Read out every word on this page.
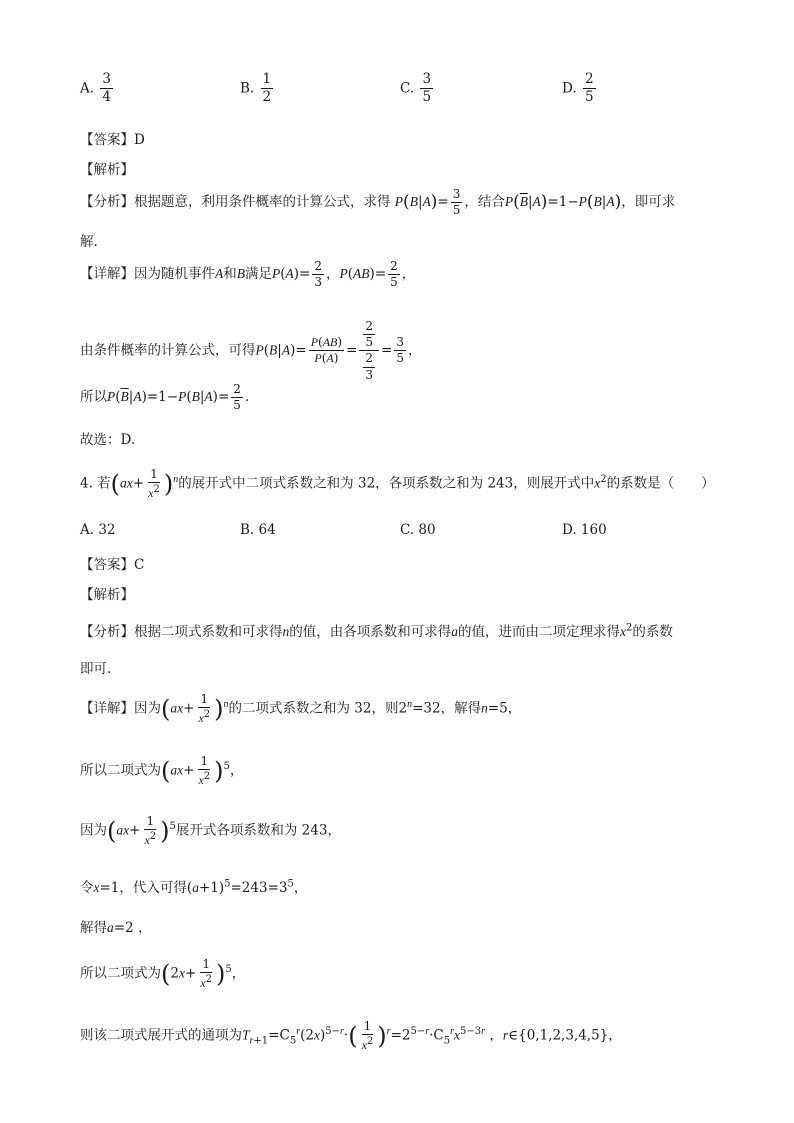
A. $\frac{3}{4}$	B. $\frac{1}{2}$	C. $\frac{3}{5}$	D. $\frac{2}{5}$
【答案】D
【解析】
【分析】根据题意，利用条件概率的计算公式，求得 $P(B|A)= \frac{3}{5}$ ，结合$P(\overline{B}|A)=1-P(B|A)$，即可求
解.
【详解】因为随机事件A和B满足$P(A)= \frac{2}{3}$ ，$P(AB)= \frac{2}{5}$ ，
由条件概率的计算公式，可得$P(B|A)= \frac{P(AB)}{P(A)} = \frac{\frac{2}{5}}{\frac{2}{3}} = \frac{3}{5}$ ，
所以$P(\overline{B}|A)=1-P(B|A)= \frac{2}{5}$ .
故选：D.
4. 若$(ax+ \frac{1}{x^2} )^n$的展开式中二项式系数之和为 32，各项系数之和为 243，则展开式中$x^2$的系数是（　　）
A. 32	B. 64	C. 80	D. 160
【答案】C
【解析】
【分析】根据二项式系数和可求得n的值，由各项系数和可求得a的值，进而由二项定理求得$x^2$的系数
即可.
【详解】因为$(ax+ \frac{1}{x^2} )^n$的二项式系数之和为 32，则$2^n=32$，解得n=5，
所以二项式为$(ax+ \frac{1}{x^2} )^5$，
因为$(ax+ \frac{1}{x^2} )^5$展开式各项系数和为 243，
令x=1，代入可得$(a+1)^5=243=3^5$，
解得a=2 ，
所以二项式为$(2x+ \frac{1}{x^2} )^5$，
则该二项式展开式的通项为$T_{r+1}=C_5^r(2x)^{5-r}\cdot( \frac{1}{x^2} )^r=2^{5-r}\cdot C_5^rx^{5-3r}$ ，r∈{0,1,2,3,4,5}，
